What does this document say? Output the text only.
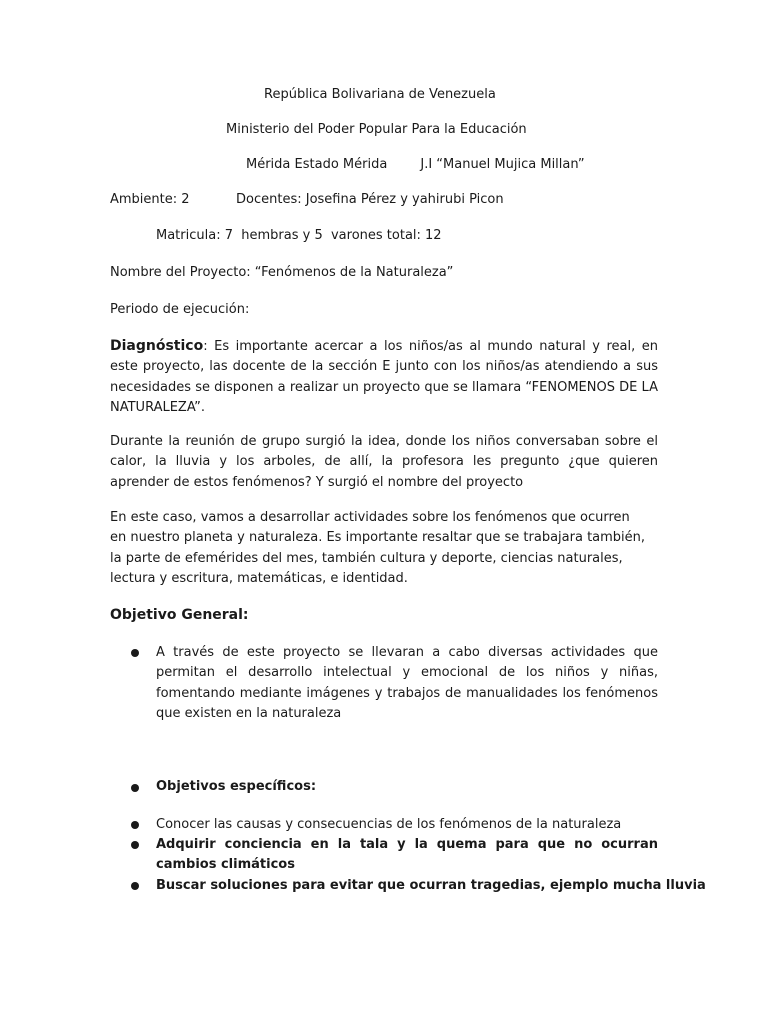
República Bolivariana de Venezuela
Ministerio del Poder Popular Para la Educación
Mérida Estado Mérida        J.I “Manuel Mujica Millan”
Ambiente: 2	Docentes: Josefina Pérez y yahirubi Picon
Matricula: 7  hembras y 5  varones total: 12
Nombre del Proyecto: “Fenómenos de la Naturaleza”
Periodo de ejecución:
Diagnóstico: Es importante acercar a los niños/as al mundo natural y real, en este proyecto, las docente de la sección E junto con los niños/as atendiendo a sus necesidades se disponen a realizar un proyecto que se llamara “FENOMENOS DE LA NATURALEZA”.
Durante la reunión de grupo surgió la idea, donde los niños conversaban sobre el calor, la lluvia y los arboles, de allí, la profesora les pregunto ¿que quieren aprender de estos fenómenos? Y surgió el nombre del proyecto
En este caso, vamos a desarrollar actividades sobre los fenómenos que ocurren en nuestro planeta y naturaleza. Es importante resaltar que se trabajara también, la parte de efemérides del mes, también cultura y deporte, ciencias naturales, lectura y escritura, matemáticas, e identidad.
Objetivo General:
A través de este proyecto se llevaran a cabo diversas actividades que permitan el desarrollo intelectual y emocional de los niños y niñas, fomentando mediante imágenes y trabajos de manualidades los fenómenos que existen en la naturaleza
Objetivos específicos:
Conocer las causas y consecuencias de los fenómenos de la naturaleza
Adquirir conciencia en la tala y la quema para que no ocurran cambios climáticos
Buscar soluciones para evitar que ocurran tragedias, ejemplo mucha lluvia
